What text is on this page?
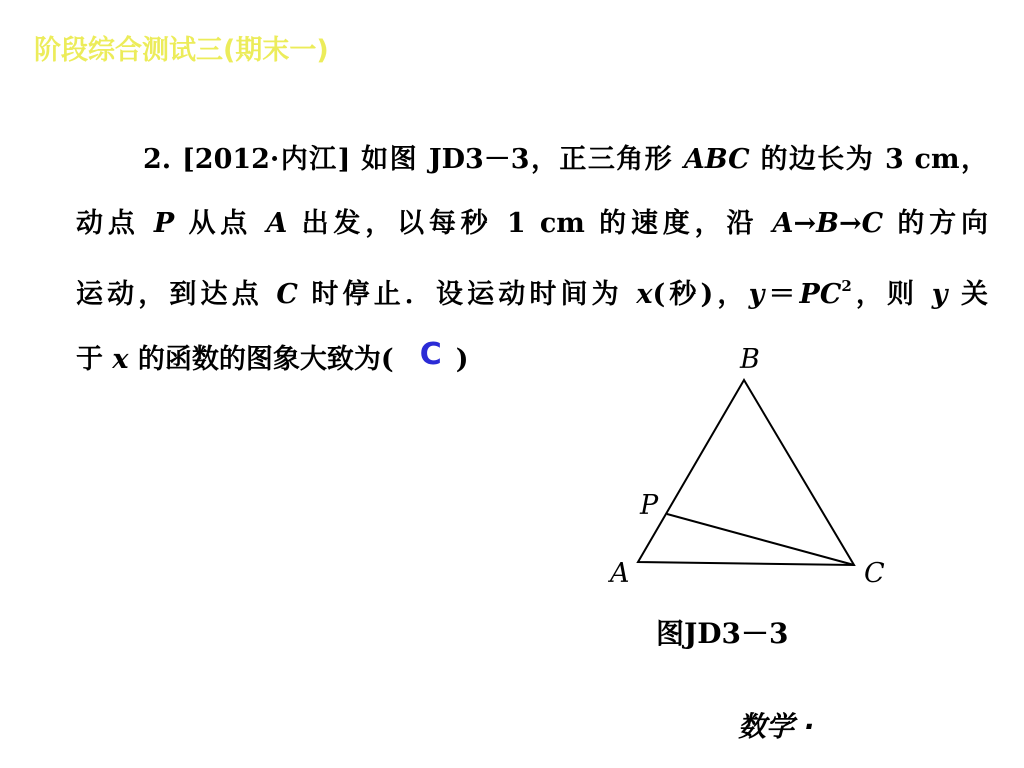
阶段综合测试三(期末一)
2. [2012·内江] 如图 JD3－3，正三角形 ABC 的边长为 3 cm，
动点 P 从点 A 出发，以每秒 1 cm 的速度，沿 A→B→C 的方向
运动，到达点 C 时停止．设运动时间为 x(秒)，$y=PC^2$，则 y 关
于 x 的函数的图象大致为( C )	B
P
A	C
图JD3－3
数学 ·
